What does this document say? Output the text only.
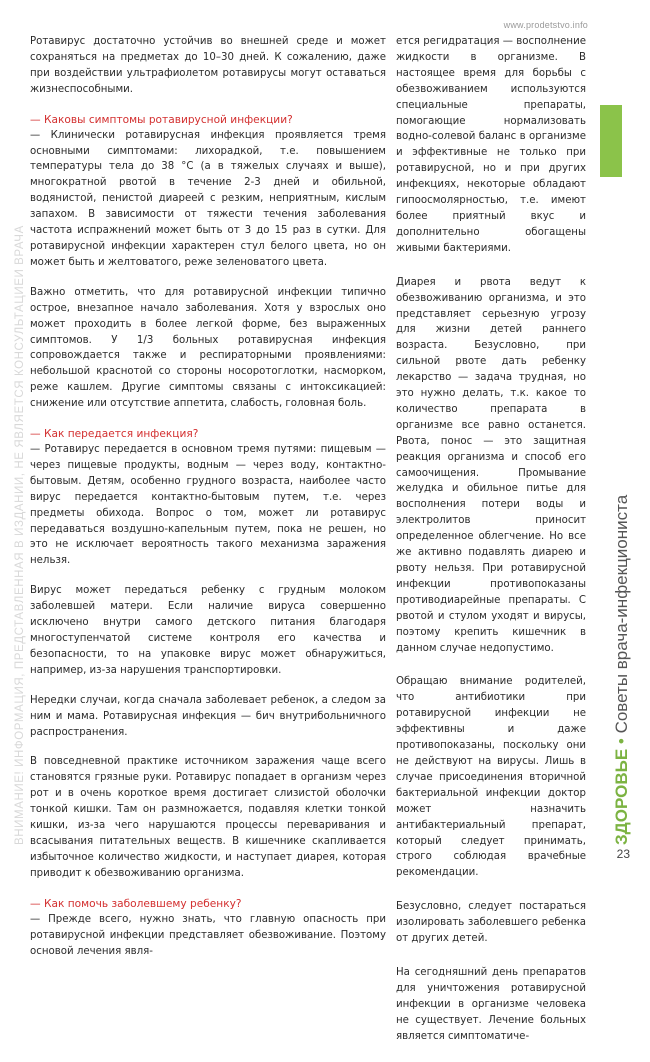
www.prodetstvo.info
ВНИМАНИЕ! ИНФОРМАЦИЯ, ПРЕДСТАВЛЕННАЯ В ИЗДАНИИ, НЕ ЯВЛЯЕТСЯ КОНСУЛЬТАЦИЕЙ ВРАЧА	ЗДОРОВЬЕ • Советы врача-инфекциониста

Ротавирус достаточно устойчив во внешней среде и может сохраняться на предметах до 10–30 дней. К сожалению, даже при воздействии ультрафиолетом ротавирусы могут оставаться жизнеспособными.

— Каковы симптомы ротавирусной инфекции?

— Клинически ротавирусная инфекция проявляется тремя основными симптомами: лихорадкой, т.е. повышением температуры тела до 38 °С (а в тяжелых случаях и выше), многократной рвотой в течение 2-3 дней и обильной, водянистой, пенистой диареей с резким, неприятным, кислым запахом. В зависимости от тяжести течения заболевания частота испражнений может быть от 3 до 15 раз в сутки. Для ротавирусной инфекции характерен стул белого цвета, но он может быть и желтоватого, реже зеленоватого цвета.

Важно отметить, что для ротавирусной инфекции типично острое, внезапное начало заболевания. Хотя у взрослых оно может проходить в более легкой форме, без выраженных симптомов. У 1/3 больных ротавирусная инфекция сопровождается также и респираторными проявлениями: небольшой краснотой со стороны носоротоглотки, насморком, реже кашлем. Другие симптомы связаны с интоксикацией: снижение или отсутствие аппетита, слабость, головная боль.

— Как передается инфекция?

— Ротавирус передается в основном тремя путями: пищевым — через пищевые продукты, водным — через воду, контактно-бытовым. Детям, особенно грудного возраста, наиболее часто вирус передается контактно-бытовым путем, т.е. через предметы обихода. Вопрос о том, может ли ротавирус передаваться воздушно-капельным путем, пока не решен, но это не исключает вероятность такого механизма заражения нельзя.

Вирус может передаться ребенку с грудным молоком заболевшей матери. Если наличие вируса совершенно исключено внутри самого детского питания благодаря многоступенчатой системе контроля его качества и безопасности, то на упаковке вирус может обнаружиться, например, из-за нарушения транспортировки.

Нередки случаи, когда сначала заболевает ребенок, а следом за ним и мама. Ротавирусная инфекция — бич внутрибольничного распространения.

В повседневной практике источником заражения чаще всего становятся грязные руки. Ротавирус попадает в организм через рот и в очень короткое время достигает слизистой оболочки тонкой кишки. Там он размножается, подавляя клетки тонкой кишки, из-за чего нарушаются процессы переваривания и всасывания питательных веществ. В кишечнике скапливается избыточное количество жидкости, и наступает диарея, которая приводит к обезвоживанию организма.

— Как помочь заболевшему ребенку?

— Прежде всего, нужно знать, что главную опасность при ротавирусной инфекции представляет обезвоживание. Поэтому основой лечения явля-

ется регидратация — восполнение жидкости в организме. В настоящее время для борьбы с обезвоживанием используются специальные препараты, помогающие нормализовать водно-солевой баланс в организме и эффективные не только при ротавирусной, но и при других инфекциях, некоторые обладают гипоосмолярностью, т.е. имеют более приятный вкус и дополнительно обогащены живыми бактериями.

Диарея и рвота ведут к обезвоживанию организма, и это представляет серьезную угрозу для жизни детей раннего возраста. Безусловно, при сильной рвоте дать ребенку лекарство — задача трудная, но это нужно делать, т.к. какое то количество препарата в организме все равно останется. Рвота, понос — это защитная реакция организма и способ его самоочищения. Промывание желудка и обильное питье для восполнения потери воды и электролитов приносит определенное облегчение. Но все же активно подавлять диарею и рвоту нельзя. При ротавирусной инфекции противопоказаны противодиарейные препараты. С рвотой и стулом уходят и вирусы, поэтому крепить кишечник в данном случае недопустимо.

Обращаю внимание родителей, что антибиотики при ротавирусной инфекции не эффективны и даже противопоказаны, поскольку они не действуют на вирусы. Лишь в случае присоединения вторичной бактериальной инфекции доктор может назначить антибактериальный препарат, который следует принимать, строго соблюдая врачебные рекомендации.

Безусловно, следует постараться изолировать заболевшего ребенка от других детей.

На сегодняшний день препаратов для уничтожения ротавирусной инфекции в организме человека не существует. Лечение больных является симптоматиче-

23
